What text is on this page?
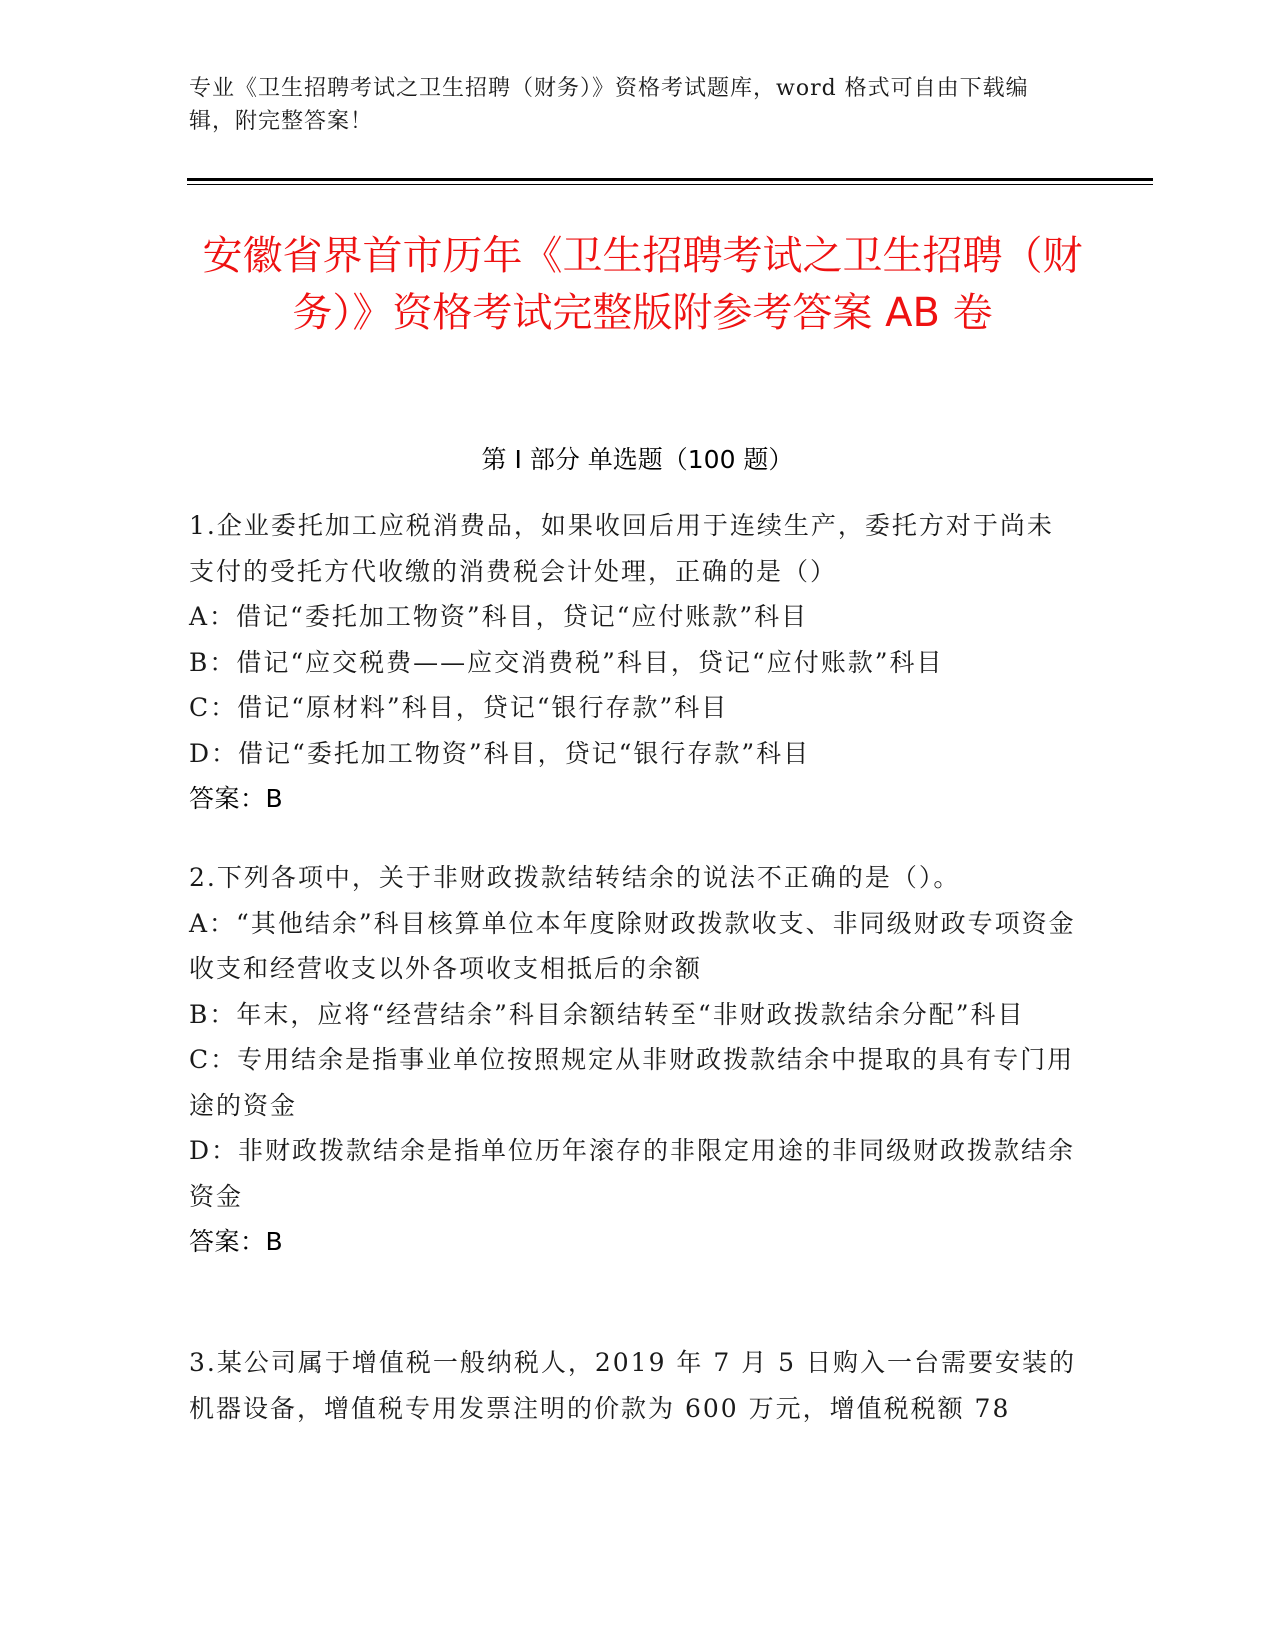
专业《卫生招聘考试之卫生招聘（财务）》资格考试题库，word 格式可自由下载编辑，附完整答案！
安徽省界首市历年《卫生招聘考试之卫生招聘（财务）》资格考试完整版附参考答案 AB 卷
第 I 部分 单选题（100 题）

1.企业委托加工应税消费品，如果收回后用于连续生产，委托方对于尚未支付的受托方代收缴的消费税会计处理，正确的是（）

A：借记“委托加工物资”科目，贷记“应付账款”科目

B：借记“应交税费——应交消费税”科目，贷记“应付账款”科目

C：借记“原材料”科目，贷记“银行存款”科目

D：借记“委托加工物资”科目，贷记“银行存款”科目

答案：B

2.下列各项中，关于非财政拨款结转结余的说法不正确的是（）。

A：“其他结余”科目核算单位本年度除财政拨款收支、非同级财政专项资金收支和经营收支以外各项收支相抵后的余额

B：年末，应将“经营结余”科目余额结转至“非财政拨款结余分配”科目

C：专用结余是指事业单位按照规定从非财政拨款结余中提取的具有专门用途的资金

D：非财政拨款结余是指单位历年滚存的非限定用途的非同级财政拨款结余资金

答案：B

3.某公司属于增值税一般纳税人，2019 年 7 月 5 日购入一台需要安装的机器设备，增值税专用发票注明的价款为 600 万元，增值税税额 78
